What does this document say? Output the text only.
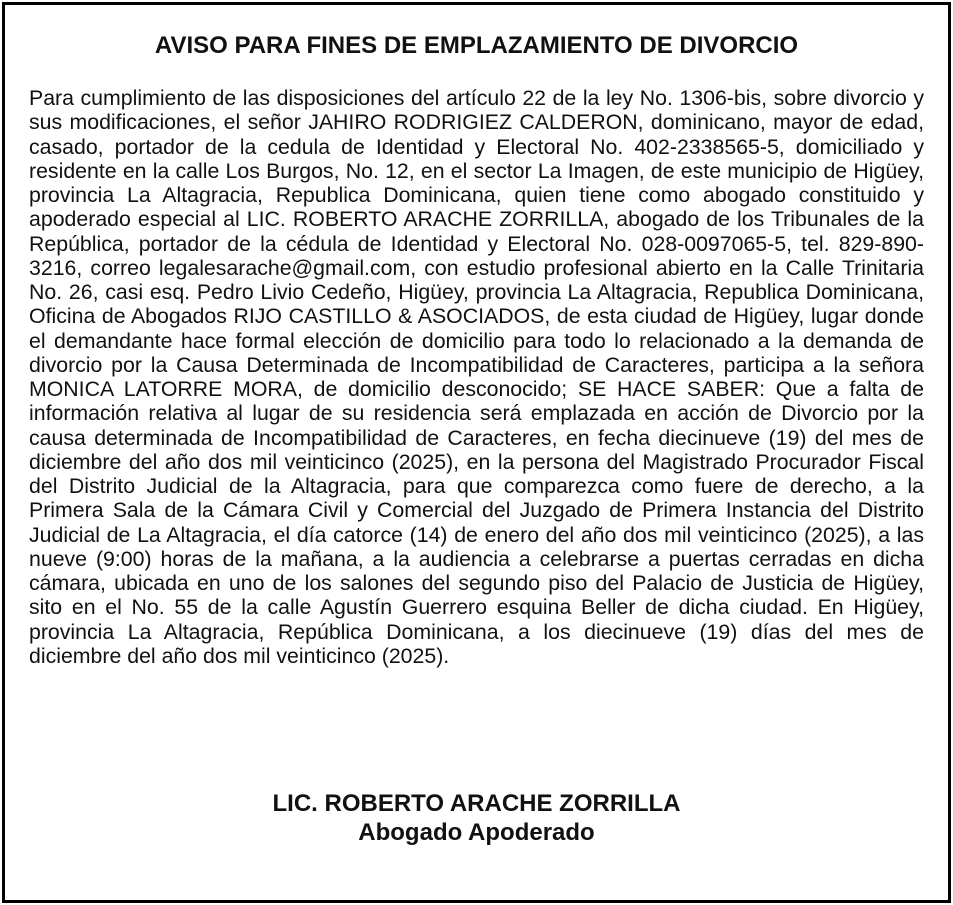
AVISO PARA FINES DE EMPLAZAMIENTO DE DIVORCIO

Para cumplimiento de las disposiciones del artículo 22 de la ley No. 1306-bis, sobre divorcio y sus modificaciones, el señor JAHIRO RODRIGIEZ CALDERON, dominicano, mayor de edad, casado, portador de la cedula de Identidad y Electoral No. 402-2338565-5, domiciliado y residente en la calle Los Burgos, No. 12, en el sector La Imagen, de este municipio de Higüey, provincia La Altagracia, Republica Dominicana, quien tiene como abogado constituido y apoderado especial al LIC. ROBERTO ARACHE ZORRILLA, abogado de los Tribunales de la República, portador de la cédula de Identidad y Electoral No. 028-0097065-5, tel. 829-890-3216, correo legalesarache@gmail.com, con estudio profesional abierto en la Calle Trinitaria No. 26, casi esq. Pedro Livio Cedeño, Higüey, provincia La Altagracia, Republica Dominicana, Oficina de Abogados RIJO CASTILLO & ASOCIADOS, de esta ciudad de Higüey, lugar donde el demandante hace formal elección de domicilio para todo lo relacionado a la demanda de divorcio por la Causa Determinada de Incompatibilidad de Caracteres, participa a la señora MONICA LATORRE MORA, de domicilio desconocido; SE HACE SABER: Que a falta de información relativa al lugar de su residencia será emplazada en acción de Divorcio por la causa determinada de Incompatibilidad de Caracteres, en fecha diecinueve (19) del mes de diciembre del año dos mil veinticinco (2025), en la persona del Magistrado Procurador Fiscal del Distrito Judicial de la Altagracia, para que comparezca como fuere de derecho, a la Primera Sala de la Cámara Civil y Comercial del Juzgado de Primera Instancia del Distrito Judicial de La Altagracia, el día catorce (14) de enero del año dos mil veinticinco (2025), a las nueve (9:00) horas de la mañana, a la audiencia a celebrarse a puertas cerradas en dicha cámara, ubicada en uno de los salones del segundo piso del Palacio de Justicia de Higüey, sito en el No. 55 de la calle Agustín Guerrero esquina Beller de dicha ciudad. En Higüey, provincia La Altagracia, República Dominicana, a los diecinueve (19) días del mes de diciembre del año dos mil veinticinco (2025).

LIC. ROBERTO ARACHE ZORRILLA
Abogado Apoderado
